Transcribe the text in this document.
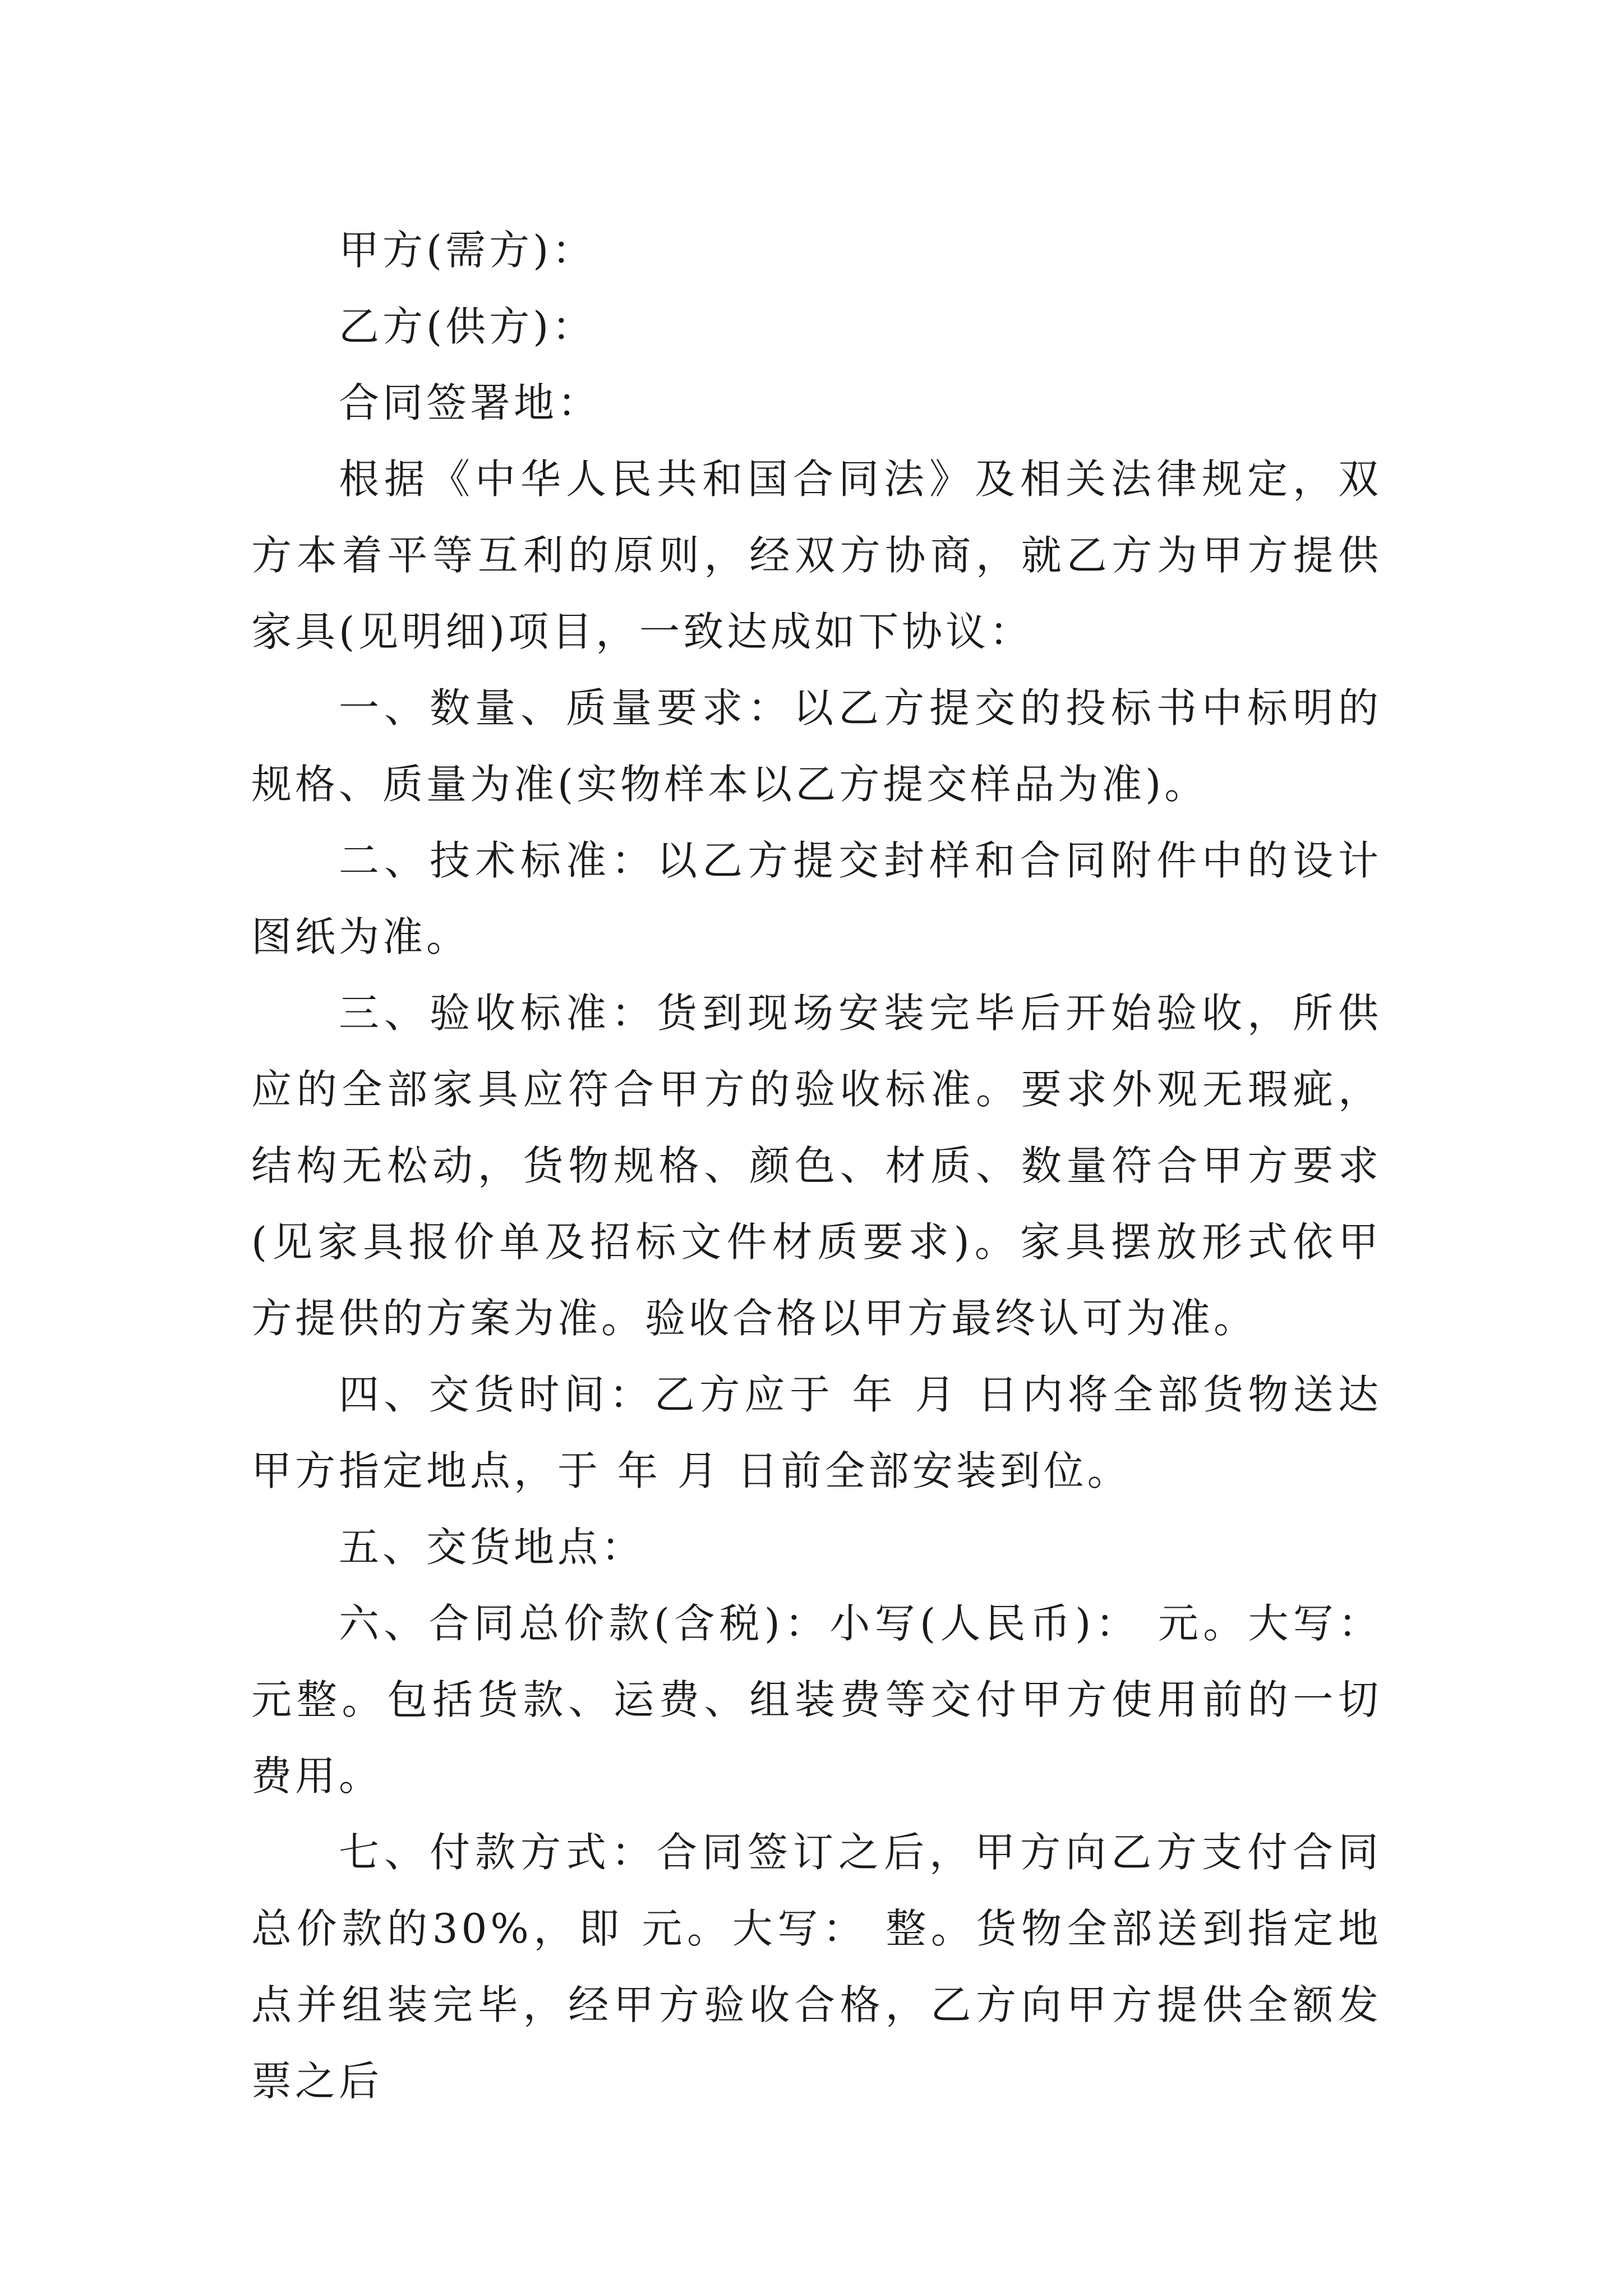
甲方(需方)：

乙方(供方)：

合同签署地：

根据《中华人民共和国合同法》及相关法律规定，双方本着平等互利的原则，经双方协商，就乙方为甲方提供家具(见明细)项目，一致达成如下协议：

一、数量、质量要求：以乙方提交的投标书中标明的规格、质量为准(实物样本以乙方提交样品为准)。

二、技术标准：以乙方提交封样和合同附件中的设计图纸为准。

三、验收标准：货到现场安装完毕后开始验收，所供应的全部家具应符合甲方的验收标准。要求外观无瑕疵，结构无松动，货物规格、颜色、材质、数量符合甲方要求(见家具报价单及招标文件材质要求)。家具摆放形式依甲方提供的方案为准。验收合格以甲方最终认可为准。

四、交货时间：乙方应于 年 月 日内将全部货物送达甲方指定地点，于 年 月 日前全部安装到位。

五、交货地点：

六、合同总价款(含税)：小写(人民币)： 元。大写： 元整。包括货款、运费、组装费等交付甲方使用前的一切费用。

七、付款方式：合同签订之后，甲方向乙方支付合同总价款的30%，即 元。大写： 整。货物全部送到指定地点并组装完毕，经甲方验收合格，乙方向甲方提供全额发票之后
